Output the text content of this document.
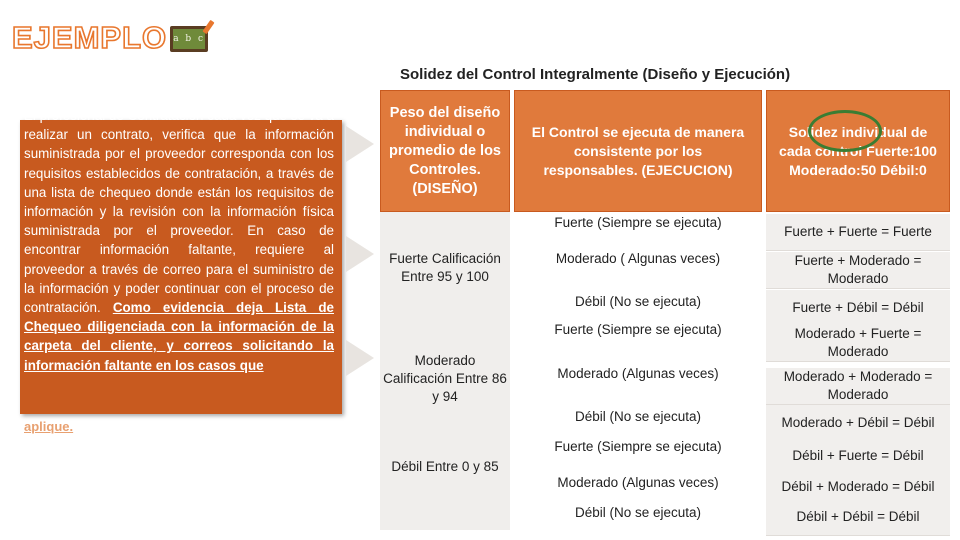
EJEMPLO a b c
Solidez del Control Integralmente (Diseño y Ejecución)
El profesional de Contratación cada vez que se va a realizar un contrato, verifica que la información suministrada por el proveedor corresponda con los requisitos establecidos de contratación, a través de una lista de chequeo donde están los requisitos de información y la revisión con la información física suministrada por el proveedor. En caso de encontrar información faltante, requiere al proveedor a través de correo para el suministro de la información y poder continuar con el proceso de contratación. Como evidencia deja Lista de Chequeo diligenciada con la información de la carpeta del cliente, y correos solicitando la información faltante en los casos que
aplique.
Peso del diseño individual o promedio de los Controles. (DISEÑO)
Fuerte Calificación Entre 95 y 100
Moderado Calificación Entre 86 y 94
Débil Entre 0 y 85
El Control se ejecuta de manera consistente por los responsables. (EJECUCION)
Solidez individual de cada control Fuerte:100 Moderado:50 Débil:0
Fuerte (Siempre se ejecuta)
Moderado ( Algunas veces)
Débil (No se ejecuta)
Fuerte (Siempre se ejecuta)
Moderado (Algunas veces)
Débil (No se ejecuta)
Fuerte (Siempre se ejecuta)
Moderado (Algunas veces)
Débil (No se ejecuta)
Fuerte + Fuerte = Fuerte
Fuerte + Moderado = Moderado
Fuerte + Débil = Débil
Moderado + Fuerte = Moderado
Moderado + Moderado = Moderado
Moderado + Débil = Débil
Débil + Fuerte = Débil
Débil + Moderado = Débil
Débil + Débil = Débil
